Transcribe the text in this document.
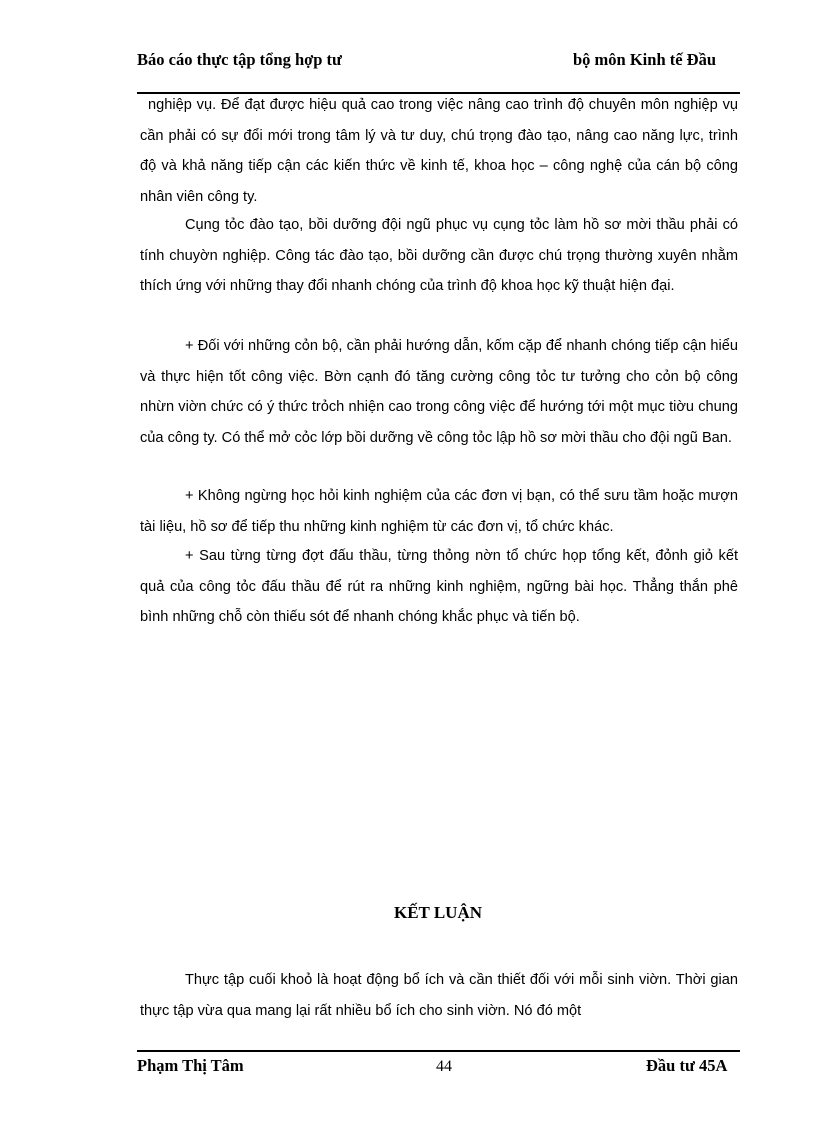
Báo cáo thực tập tổng hợp tư	bộ môn Kinh tế Đầu

nghiệp vụ. Để đạt được hiệu quả cao trong việc nâng cao trình độ chuyên môn nghiệp vụ cần phải có sự đổi mới trong tâm lý và tư duy, chú trọng đào tạo, nâng cao năng lực, trình độ và khả năng tiếp cận các kiến thức về kinh tế, khoa học – công nghệ của cán bộ công nhân viên công ty.

Cụng tỏc đào tạo, bồi dưỡng đội ngũ phục vụ cụng tỏc làm hồ sơ mời thầu phải có tính chuyờn nghiệp. Công tác đào tạo, bồi dưỡng cần được chú trọng thường xuyên nhằm thích ứng với những thay đổi nhanh chóng của trình độ khoa học kỹ thuật hiện đại.

+ Đối với những cỏn bộ, cần phải hướng dẫn, kốm cặp để nhanh chóng tiếp cận hiểu và thực hiện tốt công việc. Bờn cạnh đó tăng cường công tỏc tư tưởng cho cỏn bộ công nhừn viờn chức có ý thức trỏch nhiện cao trong công việc để hướng tới một mục tiờu chung của công ty. Có thể mở cỏc lớp bồi dưỡng về công tỏc lập hồ sơ mời thầu cho đội ngũ Ban.

+ Không ngừng học hỏi kinh nghiệm của các đơn vị bạn, có thể sưu tầm hoặc mượn tài liệu, hồ sơ để tiếp thu những kinh nghiệm từ các đơn vị, tổ chức khác.

+ Sau từng từng đợt đấu thầu, từng thỏng nờn tổ chức họp tổng kết, đỏnh giỏ kết quả của công tỏc đấu thầu để rút ra những kinh nghiệm, ngững bài học. Thẳng thắn phê bình những chỗ còn thiếu sót để nhanh chóng khắc phục và tiến bộ.

KẾT LUẬN

Thực tập cuối khoỏ là hoạt động bổ ích và cần thiết đối với mỗi sinh viờn. Thời gian thực tập vừa qua mang lại rất nhiều bổ ích cho sinh viờn. Nó đó một

Phạm Thị Tâm	44	Đầu tư 45A
